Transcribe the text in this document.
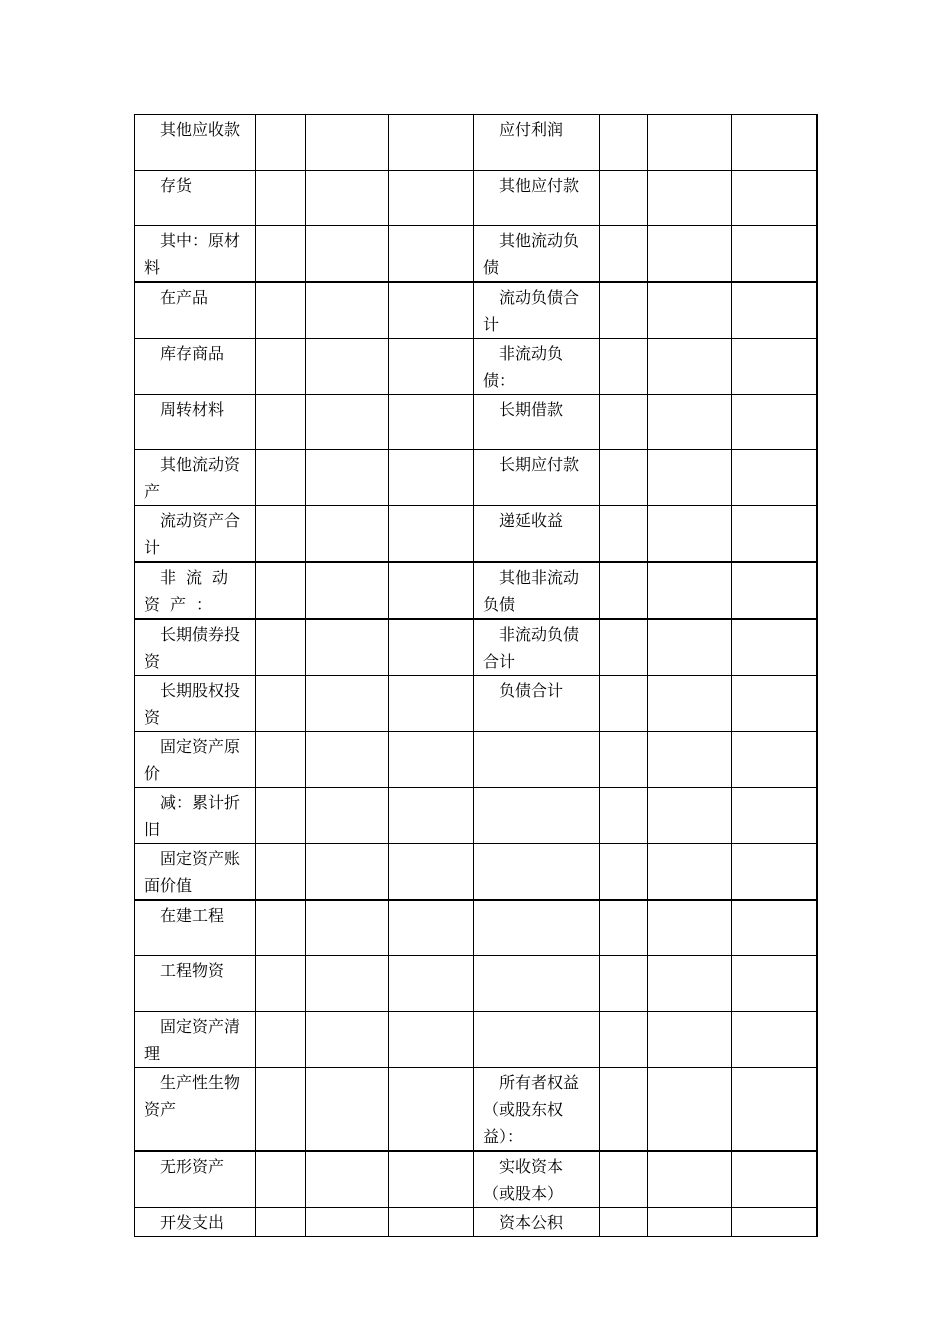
其他应收款				应付利润			

存货				其他应付款			

其中：原材料				其他流动负债			

在产品				流动负债合计			

库存商品				非流动负债：			

周转材料				长期借款			

其他流动资产				长期应付款			

流动资产合计				递延收益			

非流动资产：				其他非流动负债			

长期债券投资				非流动负债合计			

长期股权投资				负债合计			

固定资产原价							

减：累计折旧							

固定资产账面价值							

在建工程							

工程物资							

固定资产清理							

生产性生物资产				所有者权益（或股东权益）：			

无形资产				实收资本（或股本）			

开发支出				资本公积			
